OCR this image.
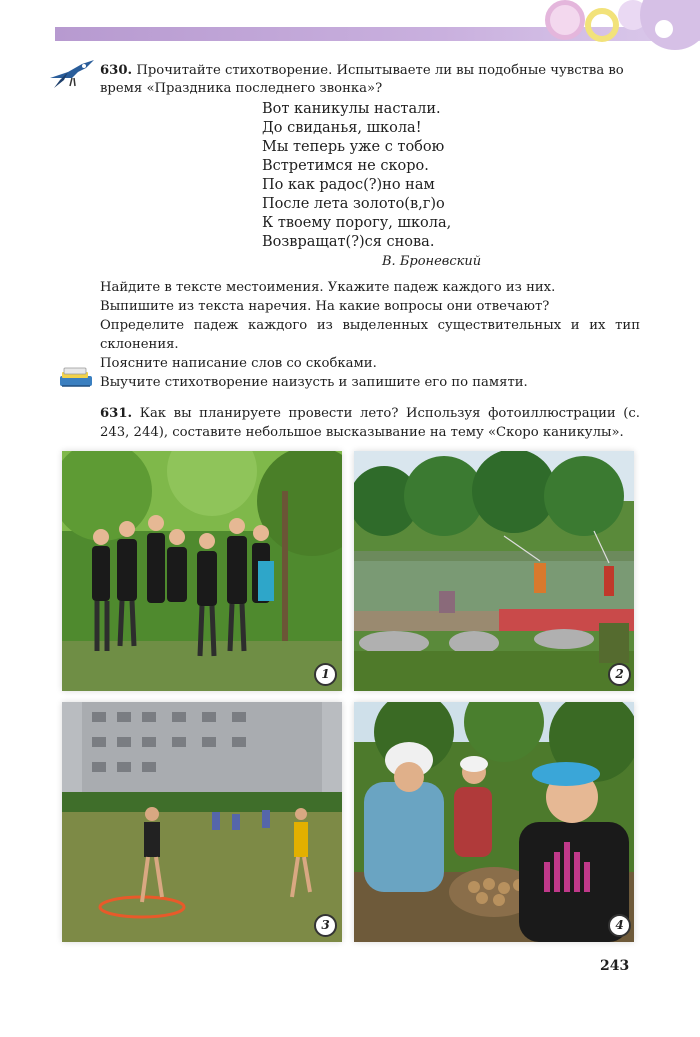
630. Прочитайте стихотворение. Испытываете ли вы подобные чувства во время «Праздника последнего звонка»?
Вот каникулы настали.
До свиданья, школа!
Мы теперь уже с тобою
Встретимся не скоро.
По как радос(?)но нам
После лета золото(в,г)о
К твоему порогу, школа,
Возвращат(?)ся снова.
В. Броневский
Найдите в тексте местоимения. Укажите падеж каждого из них.
Выпишите из текста наречия. На какие вопросы они отвечают?
Определите падеж каждого из выделенных существительных и их тип склонения.
Поясните написание слов со скобками.
Выучите стихотворение наизусть и запишите его по памяти.
631. Как вы планируете провести лето? Используя фотоиллюстрации (с. 243, 244), составите небольшое высказывание на тему «Скоро каникулы».
1	2
3	4
243
